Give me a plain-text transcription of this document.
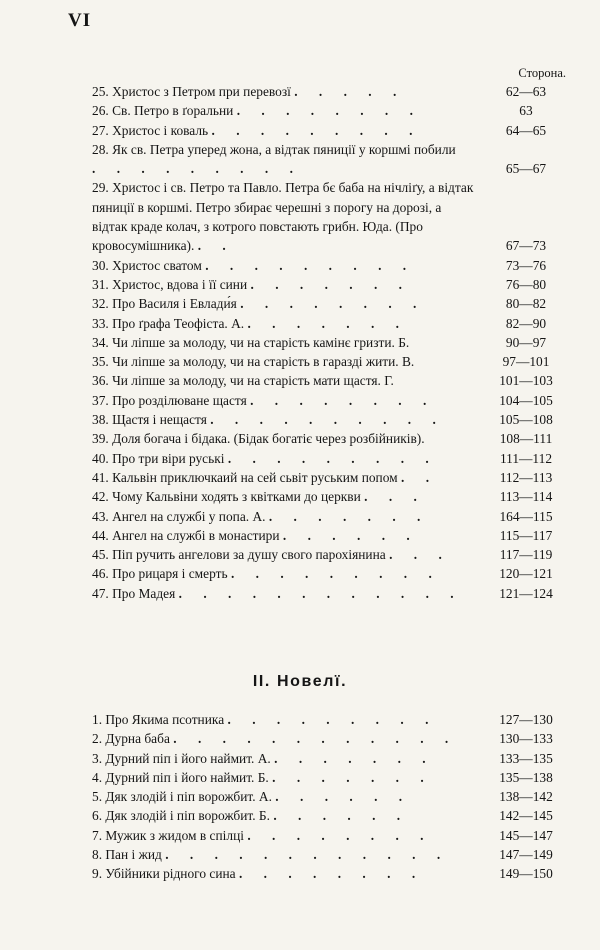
VI
Сторона.
25. Христос з Петром при перевозї . . . . .	62—63
26. Св. Петро в ґоральни . . . . . . . .	63
27. Христос і коваль . . . . . . . . .	64—65
28. Як св. Петра уперед жона, а відтак пяниції у коршмі побили . . . . . . . . .	65—67
29. Христос і св. Петро та Павло. Петра бє баба на нічліґу, а відтак пяниції в коршмі. Петро збирає черешні з порогу на дорозі, а відтак краде колач, з котрого повстають грибн. Юда. (Про кровосумішника). . .	67—73
30. Христос сватом . . . . . . . . .	73—76
31. Христос, вдова і її сини . . . . . . .	76—80
32. Про Василя і Евлади́я . . . . . . . .	80—82
33. Про ґрафа Теофіста. А. . . . . . . .	82—90
34. Чи ліпше за молоду, чи на старість камінє гризти. Б.	90—97
35. Чи ліпше за молоду, чи на старість в гаразді жити. В.	97—101
36. Чи ліпше за молоду, чи на старість мати щастя. Г.	101—103
37. Про розділюване щастя . . . . . . . .	104—105
38. Щастя і нещастя . . . . . . . . . .	105—108
39. Доля богача і бідака. (Бідак богатіє через розбійників).	108—111
40. Про три віри руські . . . . . . . . .	111—112
41. Кальвін приключкаий на сей сьвіт руським попом . .	112—113
42. Чому Кальвіни ходять з квітками до церкви . . .	113—114
43. Ангел на службі у попа. А. . . . . . . .	164—115
44. Ангел на службі в монастири . . . . . .	115—117
45. Піп ручить ангелови за душу свого парохіянина . . .	117—119
46. Про рицаря і смерть . . . . . . . . .	120—121
47. Про Мадея . . . . . . . . . . . .	121—124
II. Новелї.
1. Про Якима псотника . . . . . . . . .	127—130
2. Дурна баба . . . . . . . . . . . .	130—133
3. Дурний піп і його наймит. А. . . . . . . .	133—135
4. Дурний піп і його наймит. Б. . . . . . . .	135—138
5. Дяк злодій і піп ворожбит. А. . . . . . .	138—142
6. Дяк злодій і піп ворожбит. Б. . . . . . .	142—145
7. Мужик з жидом в спілці . . . . . . . .	145—147
8. Пан і жид . . . . . . . . . . . .	147—149
9. Убійники рідного сина . . . . . . . .	149—150
